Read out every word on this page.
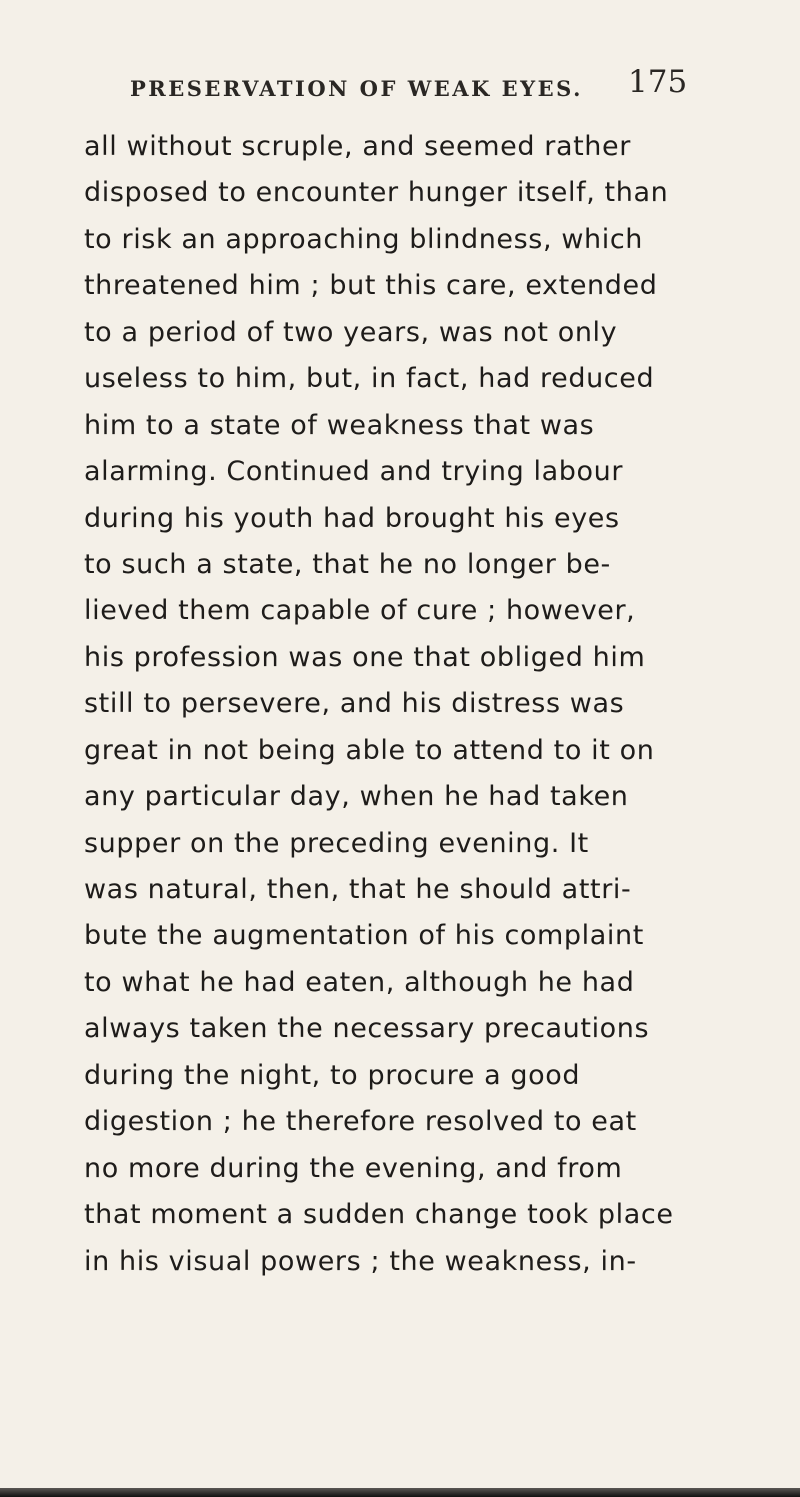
PRESERVATION OF WEAK EYES. 175
all without scruple, and seemed rather
disposed to encounter hunger itself, than
to risk an approaching blindness, which
threatened him ; but this care, extended
to a period of two years, was not only
useless to him, but, in fact, had reduced
him to a state of weakness that was
alarming. Continued and trying labour
during his youth had brought his eyes
to such a state, that he no longer be-
lieved them capable of cure ; however,
his profession was one that obliged him
still to persevere, and his distress was
great in not being able to attend to it on
any particular day, when he had taken
supper on the preceding evening. It
was natural, then, that he should attri-
bute the augmentation of his complaint
to what he had eaten, although he had
always taken the necessary precautions
during the night, to procure a good
digestion ; he therefore resolved to eat
no more during the evening, and from
that moment a sudden change took place
in his visual powers ; the weakness, in-
